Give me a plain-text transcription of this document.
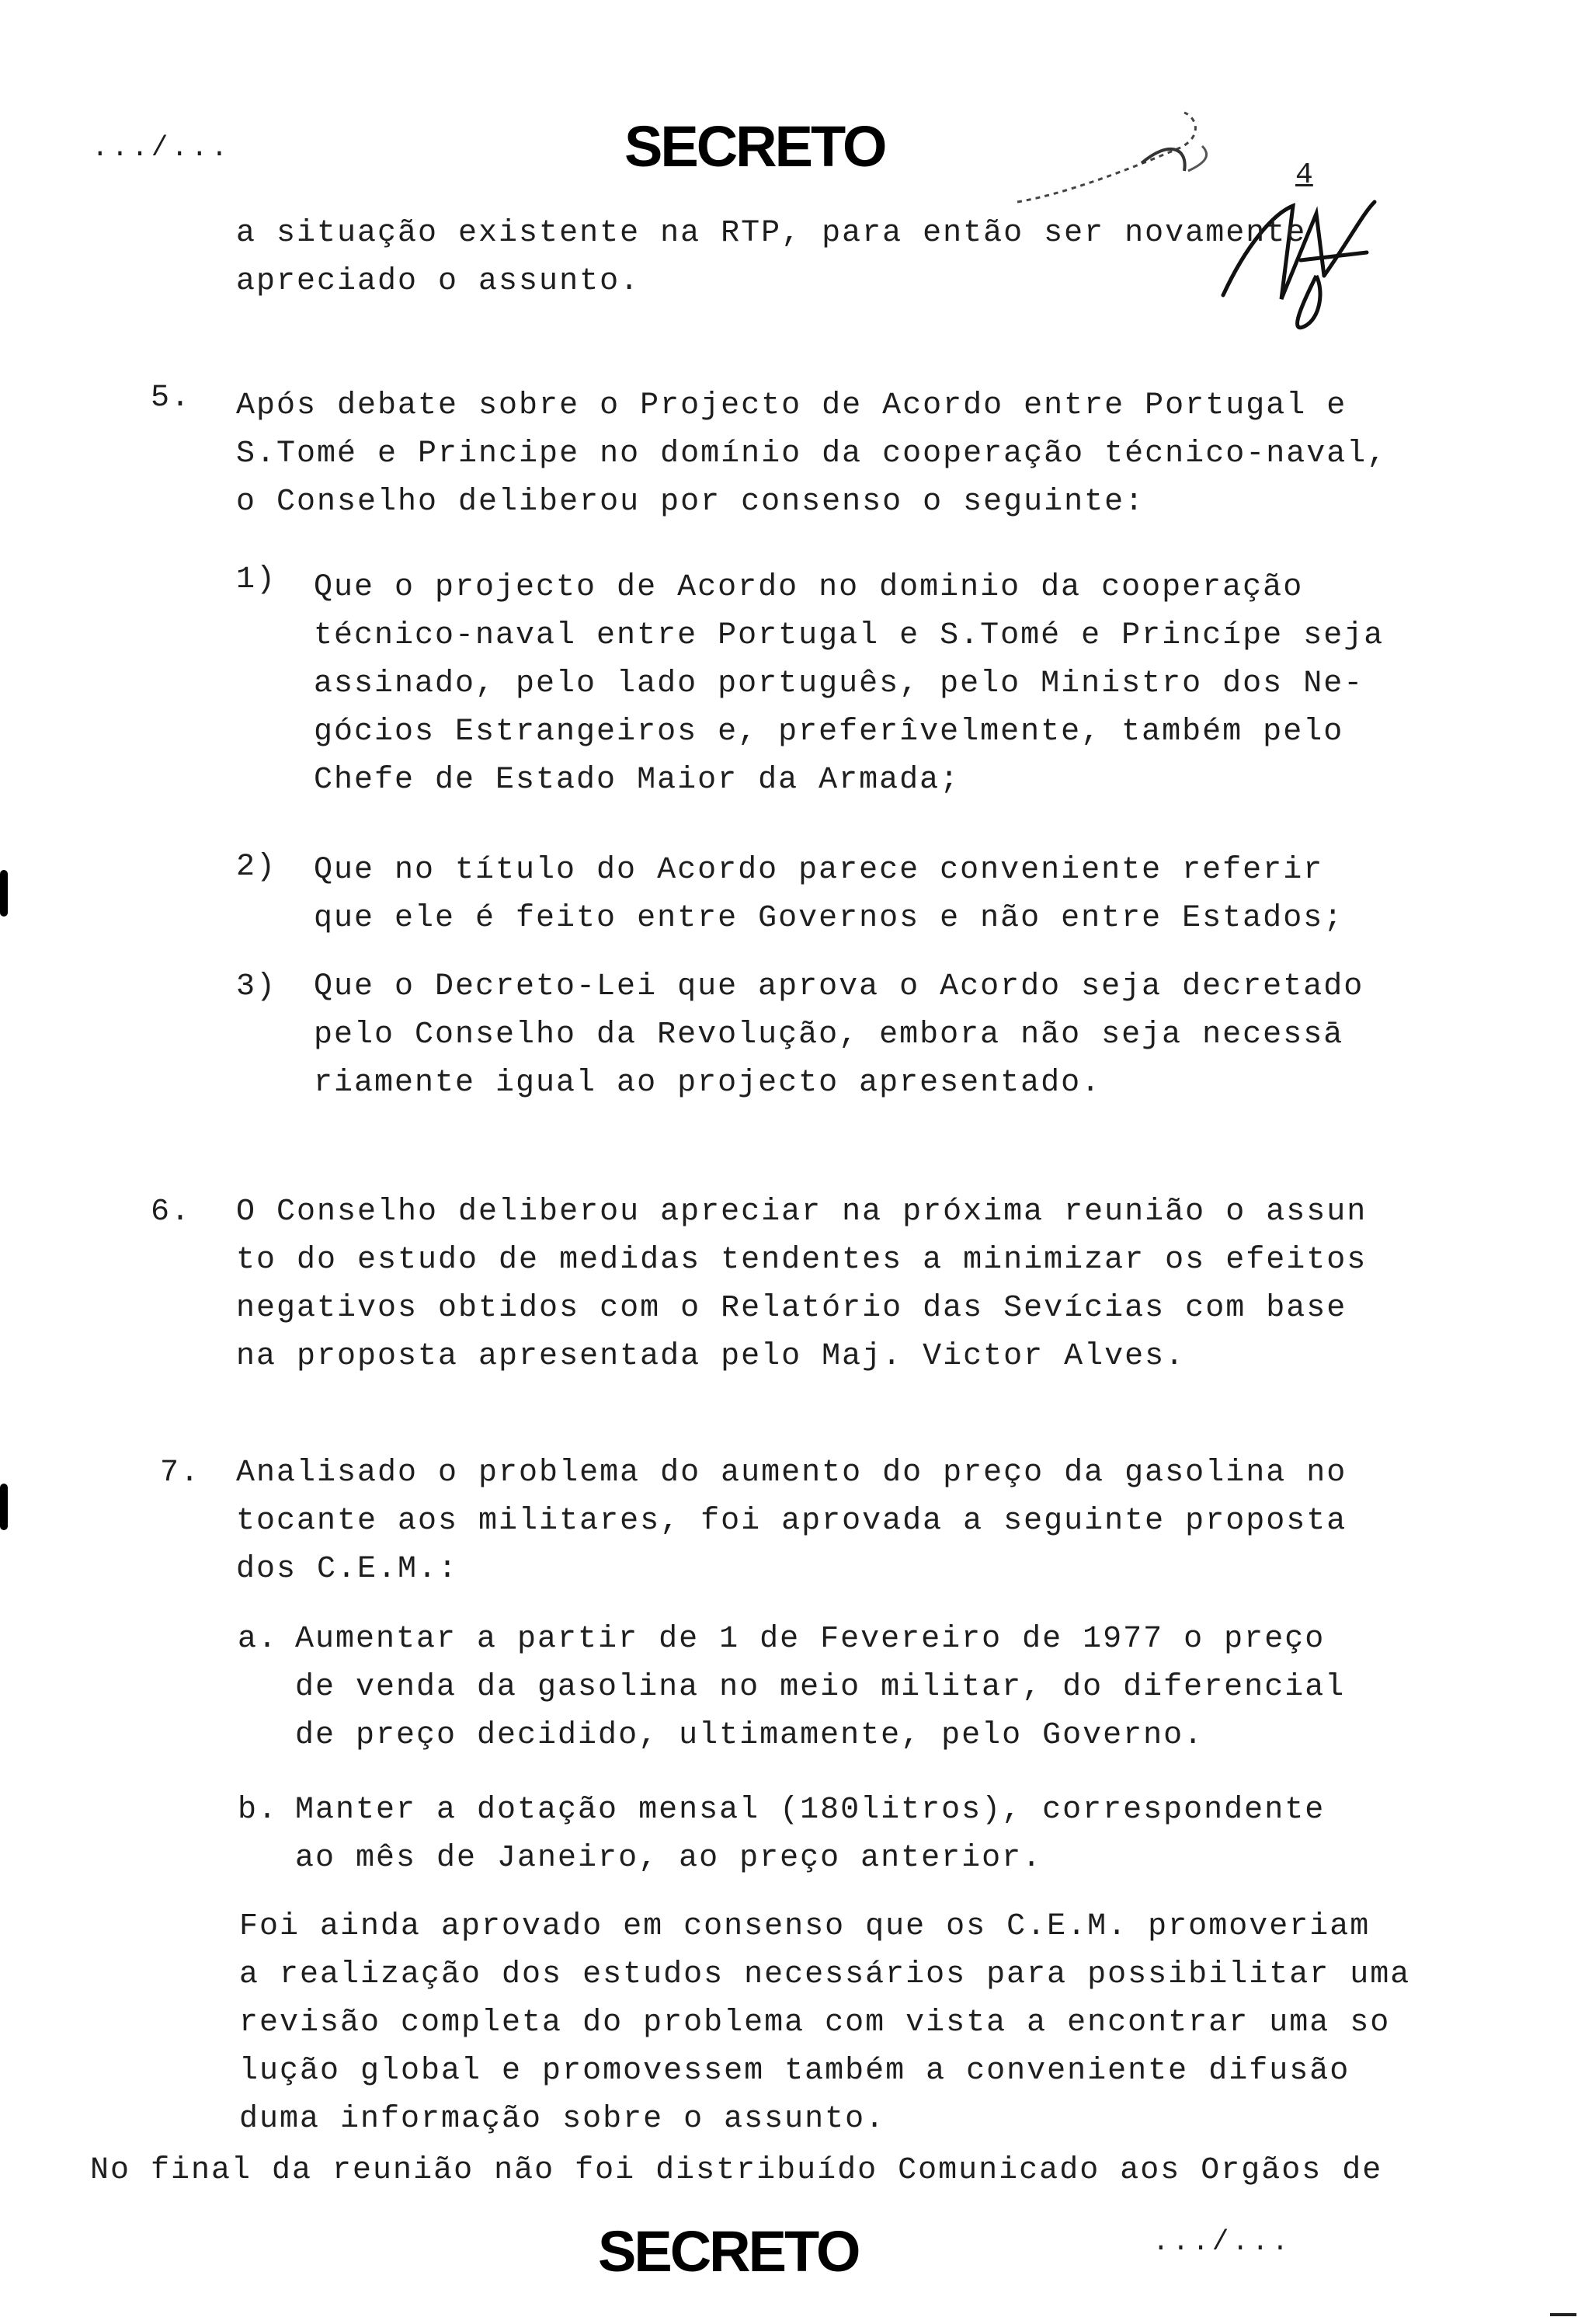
.../...	SECRETO	4
a situação existente na RTP, para então ser novamente
apreciado o assunto.
5. Após debate sobre o Projecto de Acordo entre Portugal e
S.Tomé e Principe no domínio da cooperação técnico-naval,
o Conselho deliberou por consenso o seguinte:
1) Que o projecto de Acordo no dominio da cooperação
técnico-naval entre Portugal e S.Tomé e Princípe seja
assinado, pelo lado português, pelo Ministro dos Ne-
gócios Estrangeiros e, preferîvelmente, também pelo
Chefe de Estado Maior da Armada;
2) Que no título do Acordo parece conveniente referir
que ele é feito entre Governos e não entre Estados;
3) Que o Decreto-Lei que aprova o Acordo seja decretado
pelo Conselho da Revolução, embora não seja necessā
riamente igual ao projecto apresentado.
6. O Conselho deliberou apreciar na próxima reunião o assun
to do estudo de medidas tendentes a minimizar os efeitos
negativos obtidos com o Relatório das Sevícias com base
na proposta apresentada pelo Maj. Victor Alves.
7. Analisado o problema do aumento do preço da gasolina no
tocante aos militares, foi aprovada a seguinte proposta
dos C.E.M.:
a. Aumentar a partir de 1 de Fevereiro de 1977 o preço
de venda da gasolina no meio militar, do diferencial
de preço decidido, ultimamente, pelo Governo.
b. Manter a dotação mensal (180litros), correspondente
ao mês de Janeiro, ao preço anterior.
Foi ainda aprovado em consenso que os C.E.M. promoveriam
a realização dos estudos necessários para possibilitar uma
revisão completa do problema com vista a encontrar uma so
lução global e promovessem também a conveniente difusão
duma informação sobre o assunto.
No final da reunião não foi distribuído Comunicado aos Orgãos de
SECRETO	.../...
